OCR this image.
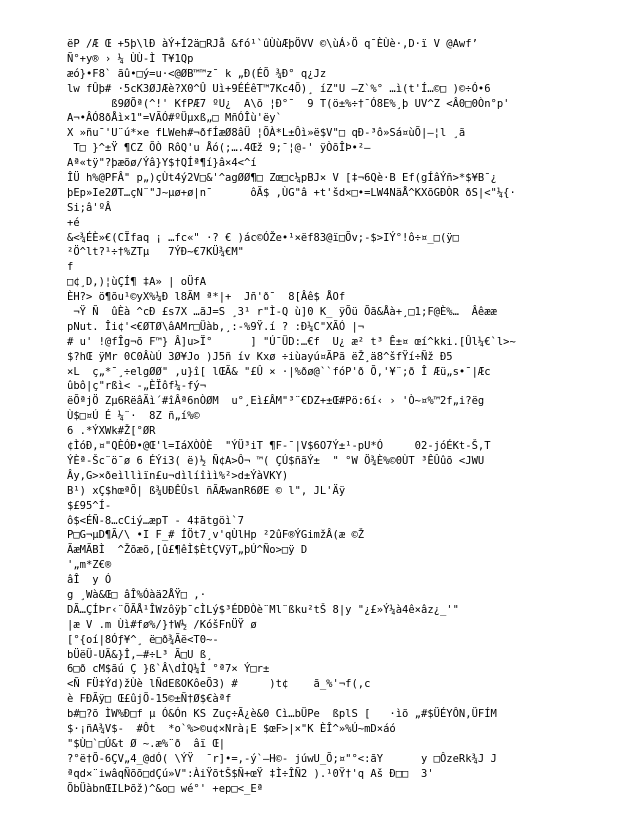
ëP /Æ Œ +5þ\lÐ àÝ+Í2ä□RJå &fó¹`ûÙùÆþÖVV ©\ùÁ›Ö q¯ÈÙè·,D·ï V @Awf’
Ñ°+y® › ¼ ÙÙ-Ì T¥1Qp
æó}•F8` ãû•□ý=u·<@ØB™™z¯ k „Ð(ÉÕ ¾Ð° q¿Jz
lw fÛþ# ·5cK3ØJÆè?X0^Û Uì+9ÉÉêT™7Kc4Õ)¸ íZ"U –Z`%° …ì(t'Í…©□ )©÷Ó•6
ß9ØÕª(^!' KfPÆ7 ºU¿  A\õ ¦Ð°¯  9 T(ö±%÷†¯Ó8E%¸þ UV^Z <Â0□0Òn°p'
A¬•ÂÓ8ðÅì×1"=VÃÓ#ºÜµxß„□ MñÓÎù'ëy`
X »ñu¯'U¨ú*×e fLWeh#¬ðfÍæØ8âÜ ¦ÕÀ*L±Ôì»ë$V"□ qÐ-³ô»Sá¤ùÕ|—¦l ¸ã
T□ }^±Ÿ ¶CZ ÕÒ RôQ'u Åó(;….4Œž 9;¯¦@-' ÿÒõÎÞ•²—
Aª«tÿ"?þæõø/Ýâ}Y$†QÍª¶í}â×4<^í
ÎÜ h%@PFÂ" p„)çÙt4ý2V□&'^agØØ¶□ Zœ□c¼pBJ× V [‡¬6Qè·B Ef(gÍâÝñ>*$¥B¯¿
þEp»Ie2ØT…çN¨"J~µø+ø|n¯      ôÃ$ ,ÙG"â +t'šd×□•=LW4NäÅ^KXõGÐÒR ðS|<"¼{·
Si;â'ºÂ
+é
&<¾ÉÈ»€(CÏfaq ¡ …fc«" ·? € )ác©ÓŽe•¹×ëf83@ï□Õv;-$>IÝ°!ô÷¤_□(ÿ□
²Ö^lt?¹÷†%ZTµ   7ÝÐ~€7KÜ¾€M"
f
□¢¸D,)¦ùÇÍ¶ ‡A» | oÜfA
ÈH?> ö¶õu¹©yX%¼Ð l8ÃM ª*|+  Jñ'ð¯  8[Âê$ ÅOf
¬Ÿ Ñ  ûÈà ^cÐ £s7X …ãJ=S ¸3¹ r"Ì-Q ù]0 K_ ÿÕü Õã&Åà+¸□1;F@È%…  Âêææ
pNut. Îi¢'<€ØTØ\âAMr□Üàb,¸:-%9Ÿ.í ? :Ð¼C"XÃÓ |¬
# u' !@fÎg¬õ F™} Â]u>Ï°      ] "Ú¯ÜD:…€f  U¿ æ² t³ Ê±¤ œí^kki.[Ûl¼€`l>~
$?hŒ ÿMr 0C0ÂùÚ 3Ø¥Jo )J5ñ ív Kxø ÷iùayú¤ÃPã ëŽ¸ä8^šfŸí÷Ñž Ð5
×L  ç„*¯¸÷elgØØ" ,u}î[ lŒÃ& "£Û × ·|%ðø@``fóP'ð Õ,'¥¨;ð Î Æü„s•¯|Æc
ûbô|ç"rßì< -„ÈÏôf¼-fý¬
ëÕªjÖ Zµ6RëâÄì´#îÂª6nÒØM  u°¸Eì£ÂM"³¨€DZ+±Œ#Pö:6í‹ › 'Ò~¤%™2f„i?ëg
Ù$□¤Ú É ¼¨·  8Z ñ„í%©
6 .*ÝXWk#Ž[°ØR
¢ÌóÐ,¤"QÈÓÐ•@Œ'l=IáXÒÒÈ  "ÝÜ³iT ¶F-¯|V$6O7Ý±¹-pU*Ó     02-jóÉKt-Š,T
ÝÈª-Šc¨ö¯ø 6 ÉÝi3( ë)½ Ñ¢A>Ô¬ ™( ÇÚ$ñãÝ±  " °W Ö¾È%©0ÙT ³ÊÛûõ <JWU
Ây,G>×ðeìllìïn£u¬dìlíîìì%²>d±ÝàVKY)
B¹) xÇ$hœªÕ| ß¾UÐÊÛsl ñÃÆwanR6ØE © l", JL'Äÿ
$£95^Í-
ô$<ÉÑ-8…cCiý…æpT - 4‡ãtgöì`7
P□G¬µD¶Ã/\ •I F_# ÍÖt7¸v'qÙlHp ²2ûF®ÝGimžÂ(æ ©Ž
ÃæMÃBÌ  ^Žõæõ,[û£¶êÌ$ÈtÇVÿT„þÚ^Ño>□ÿ D
'„m*Z€®
âÎ  y Ó
g ¸Wà&Œ□ âÎ%Óàä2ÅŸ□ ,·
DÃ…ÇÍÞr‹¨ÕÃÅ¹ÎWzôÿþ¯cÌLý$³ÉDÐÒè¨Ml¨ßku²tŠ 8|y "¿£»Ý¼à4ê×âz¿_'"
|æ V .m Ùì#fø%/}†W½ /KóšFnÜŸ ø
[°{oí|8Óƒ¥^¸ ë□ð¾Ãë<T0~-
bÜëÜ-UÃ&}Î,—#÷L³ Ã□U ß¸
6□ð cM$ãú Ç }ß`Â\dÌQ¼Î °ª7× Ý□r±
<Ñ FÜ‡Ýd)žÙè lÑdEßOKôeÕ3) #     )t¢    ã_%'¬f(,c
è FÐÃÿ□ Œ£ûjÕ-15©±Ñ†Ø$€àªf
b#□?õ ÌW%Ð□f µ Ó&Ón KS Zuç÷Ã¿è&0 Cì…bÜPe  ßplS [   ·ìõ „#$ÜÉYÔN,ÜFÍM
$·¡ñA¾V$-  #Ôt  *o`%>©u¢×Nrà¡E $œF>|×"K ÈÎ^»%Ú~mD×áó
"$Ù□`□Ú&t Ø ~.æ%¨ð  âï Œ|
?°ë†Õ-6ÇV„4_@dÓ( \ÝŸ  ¯r]•=,-ý`—H©- júwU_Õ;¤"°<:ãY      y □ÔzeRk¾J J
ªqd×¨iwâqÑõõ□dÇú»V":ÀiŸõtŠ$Ñ+œŸ ‡Ì÷ÎÑ2 ).¹0Ÿ†'q Aš Ð□□  3'
ÕbÜàbnŒILÞõž)^&o□ wé°' +ep□<_Eª
